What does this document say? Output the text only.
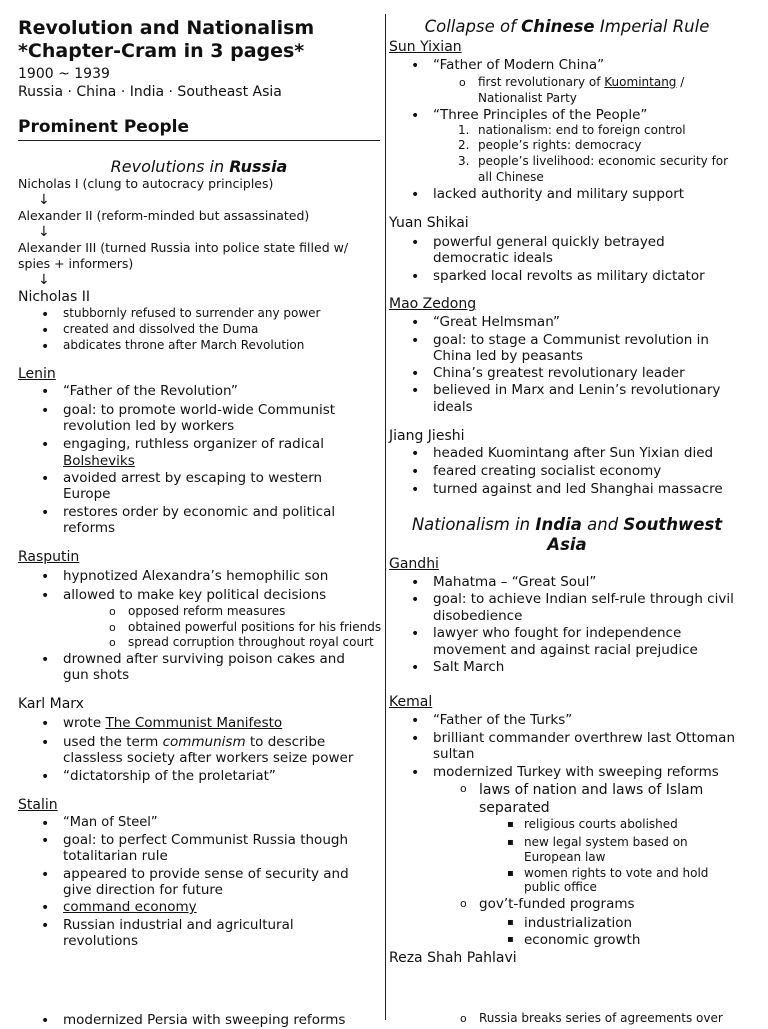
Revolution and Nationalism
*Chapter-Cram in 3 pages*
1900 ~ 1939
Russia · China · India · Southeast Asia
Prominent People
Revolutions in Russia
Nicholas I (clung to autocracy principles)
↓
Alexander II (reform-minded but assassinated)
↓
Alexander III (turned Russia into police state filled w/
spies + informers)
↓
Nicholas II
• stubbornly refused to surrender any power
• created and dissolved the Duma
• abdicates throne after March Revolution
Lenin
• “Father of the Revolution”
• goal: to promote world-wide Communist
revolution led by workers
• engaging, ruthless organizer of radical
Bolsheviks
• avoided arrest by escaping to western
Europe
• restores order by economic and political
reforms
Rasputin
• hypnotized Alexandra’s hemophilic son
• allowed to make key political decisions
o opposed reform measures
o obtained powerful positions for his friends
o spread corruption throughout royal court
• drowned after surviving poison cakes and
gun shots
Karl Marx
• wrote The Communist Manifesto
• used the term communism to describe
classless society after workers seize power
• “dictatorship of the proletariat”
Stalin
• “Man of Steel”
• goal: to perfect Communist Russia though
totalitarian rule
• appeared to provide sense of security and
give direction for future
• command economy
• Russian industrial and agricultural
revolutions
• modernized Persia with sweeping reforms
Collapse of Chinese Imperial Rule
Sun Yixian
• “Father of Modern China”
o first revolutionary of Kuomintang /
Nationalist Party
• “Three Principles of the People”
1. nationalism: end to foreign control
2. people’s rights: democracy
3. people’s livelihood: economic security for
all Chinese
• lacked authority and military support
Yuan Shikai
• powerful general quickly betrayed
democratic ideals
• sparked local revolts as military dictator
Mao Zedong
• “Great Helmsman”
• goal: to stage a Communist revolution in
China led by peasants
• China’s greatest revolutionary leader
• believed in Marx and Lenin’s revolutionary
ideals
Jiang Jieshi
• headed Kuomintang after Sun Yixian died
• feared creating socialist economy
• turned against and led Shanghai massacre
Nationalism in India and Southwest
Asia
Gandhi
• Mahatma – “Great Soul”
• goal: to achieve Indian self-rule through civil
disobedience
• lawyer who fought for independence
movement and against racial prejudice
• Salt March
Kemal
• “Father of the Turks”
• brilliant commander overthrew last Ottoman
sultan
• modernized Turkey with sweeping reforms
o laws of nation and laws of Islam
separated
▪ religious courts abolished
▪ new legal system based on
European law
▪ women rights to vote and hold
public office
o gov’t-funded programs
▪ industrialization
▪ economic growth
Reza Shah Pahlavi
o Russia breaks series of agreements over
